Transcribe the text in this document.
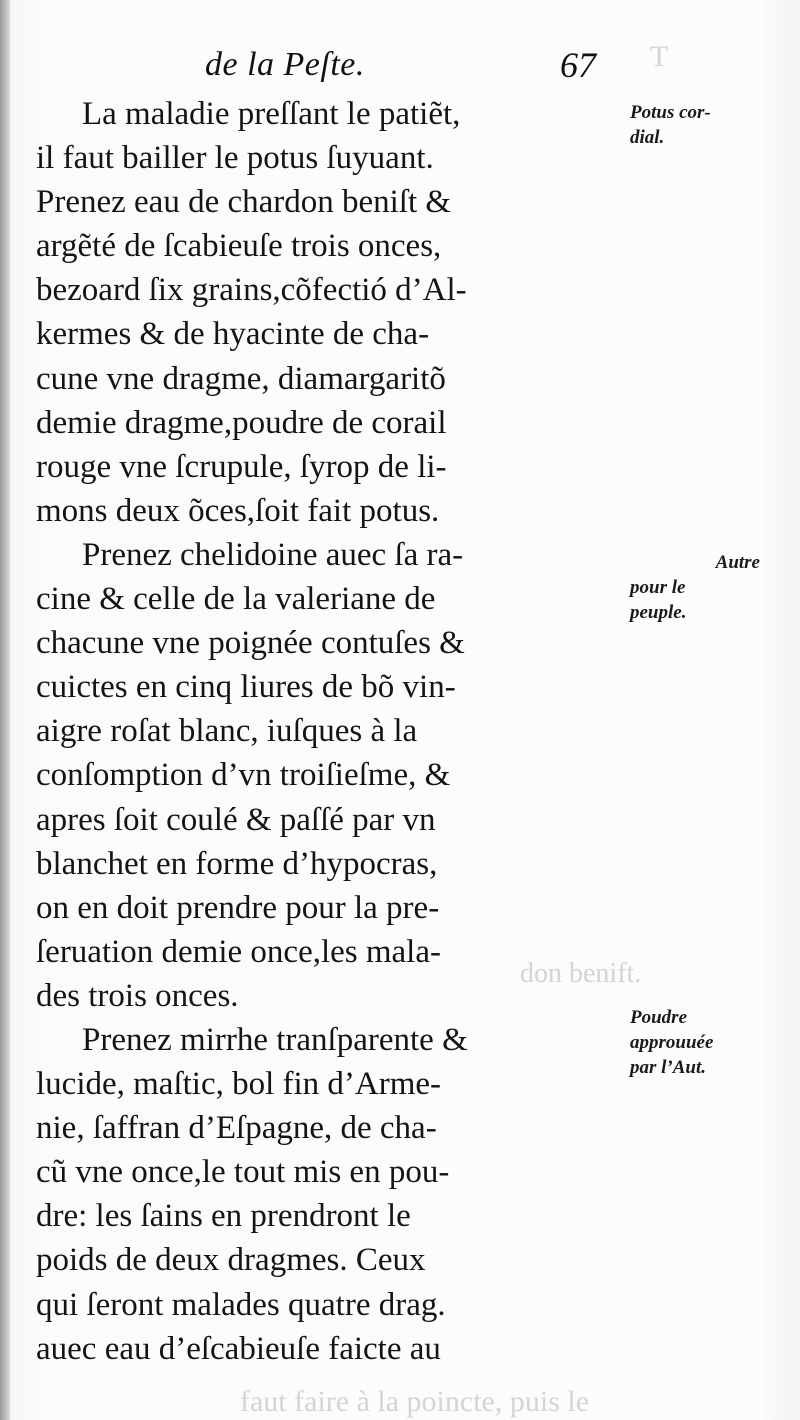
T
don benift.
faut faire à la poincte, puis le
de la Peſte.	67
La maladie preſſant le patiẽt,
il faut bailler le potus ſuyuant.
Prenez eau de chardon beniſt &
argẽté de ſcabieuſe trois onces,
bezoard ſix grains,cõfectió d’Al-
kermes & de hyacinte de cha-
cune vne dragme, diamargaritõ
demie dragme,poudre de corail
rouge vne ſcrupule, ſyrop de li-
mons deux õces,ſoit fait potus.
Prenez chelidoine auec ſa ra-
cine & celle de la valeriane de
chacune vne poignée contuſes &
cuictes en cinq liures de bõ vin-
aigre roſat blanc, iuſques à la
conſomption d’vn troiſieſme, &
apres ſoit coulé & paſſé par vn
blanchet en forme d’hypocras,
on en doit prendre pour la pre-
ſeruation demie once,les mala-
des trois onces.
Prenez mirrhe tranſparente &
lucide, maſtic, bol fin d’Arme-
nie, ſaffran d’Eſpagne, de cha-
cũ vne once,le tout mis en pou-
dre: les ſains en prendront le
poids de deux dragmes. Ceux
qui ſeront malades quatre drag.
auec eau d’eſcabieuſe faicte au
Potus cor-
dial.
Autre
pour le
peuple.
Poudre
approuuée
par l’Aut.
